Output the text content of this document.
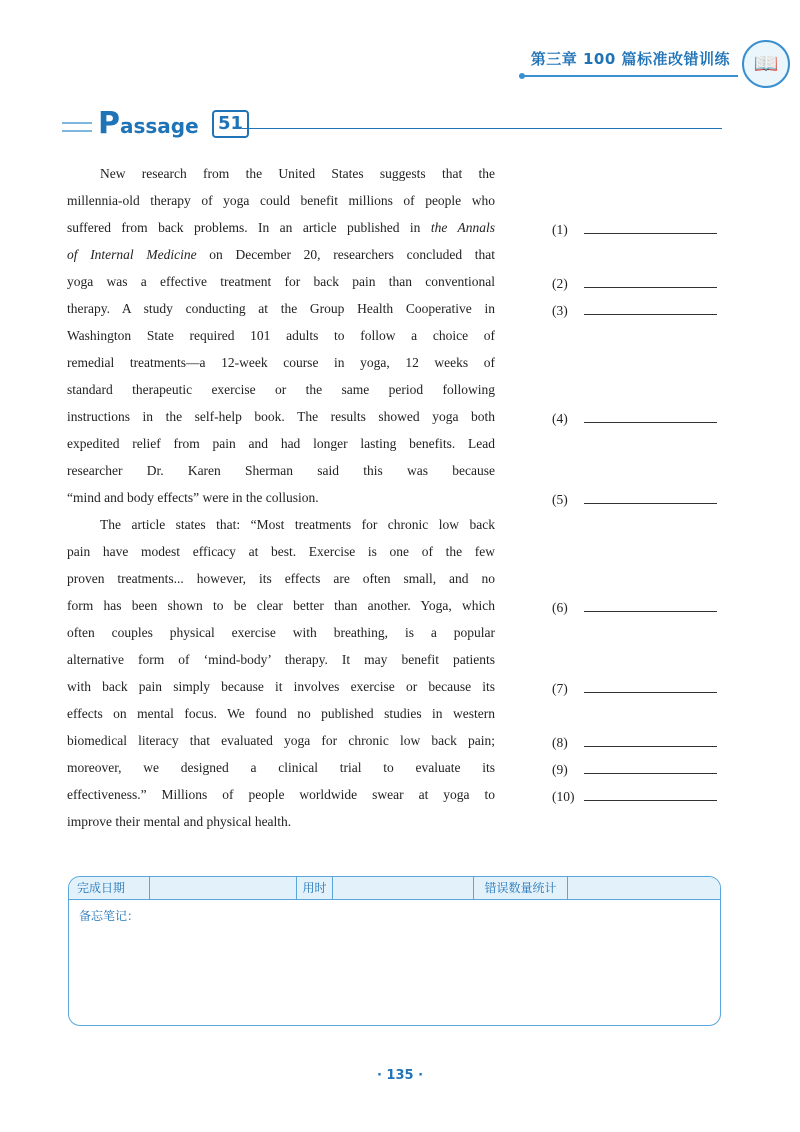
第三章 100 篇标准改错训练	📖
Passage	51
New research from the United States suggests that the
millennia-old therapy of yoga could benefit millions of people who
suffered from back problems. In an article published in the Annals
of Internal Medicine on December 20, researchers concluded that
yoga was a effective treatment for back pain than conventional
therapy. A study conducting at the Group Health Cooperative in
Washington State required 101 adults to follow a choice of
remedial treatments—a 12-week course in yoga, 12 weeks of
standard therapeutic exercise or the same period following
instructions in the self-help book. The results showed yoga both
expedited relief from pain and had longer lasting benefits. Lead
researcher Dr. Karen Sherman said this was because
“mind and body effects” were in the collusion.
The article states that: “Most treatments for chronic low back
pain have modest efficacy at best. Exercise is one of the few
proven treatments... however, its effects are often small, and no
form has been shown to be clear better than another. Yoga, which
often couples physical exercise with breathing, is a popular
alternative form of ‘mind-body’ therapy. It may benefit patients
with back pain simply because it involves exercise or because its
effects on mental focus. We found no published studies in western
biomedical literacy that evaluated yoga for chronic low back pain;
moreover, we designed a clinical trial to evaluate its
effectiveness.” Millions of people worldwide swear at yoga to
improve their mental and physical health.
(1)
(2)
(3)
(4)
(5)
(6)
(7)
(8)
(9)
(10)
完成日期	用时	错误数量统计
备忘笔记：
· 135 ·
